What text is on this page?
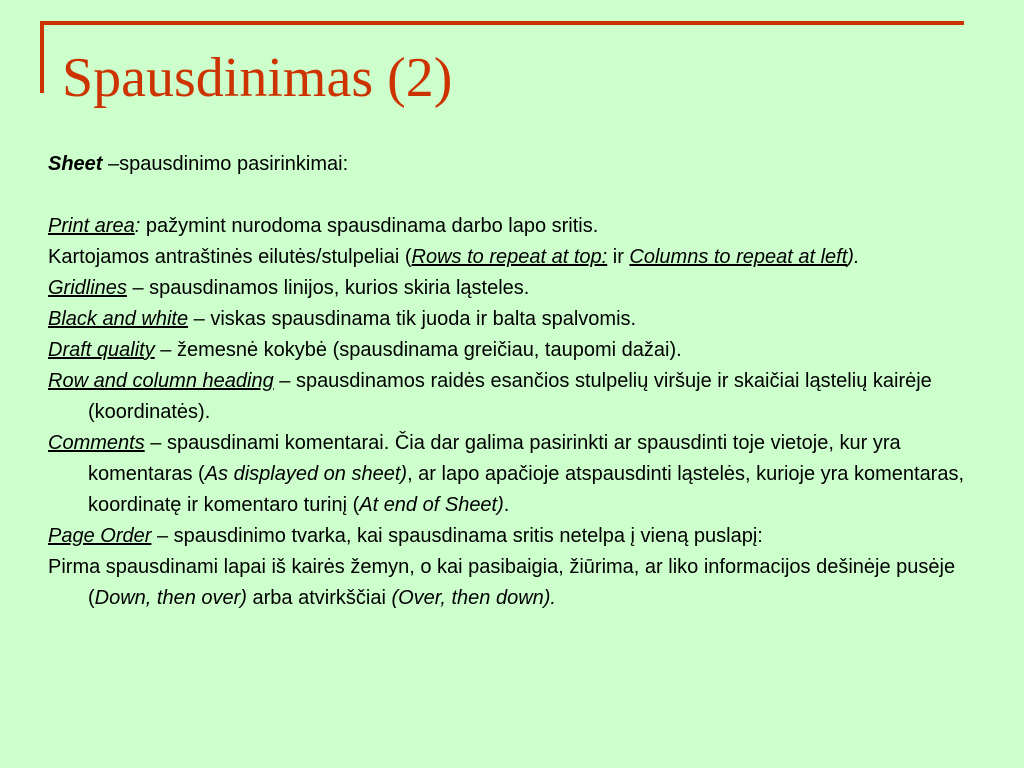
Spausdinimas (2)

Sheet –spausdinimo pasirinkimai:

Print area: pažymint nurodoma spausdinama darbo lapo sritis.

Kartojamos antraštinės eilutės/stulpeliai (Rows to repeat at top: ir Columns to repeat at left).

Gridlines – spausdinamos linijos, kurios skiria ląsteles.

Black and white – viskas spausdinama tik juoda ir balta spalvomis.

Draft quality – žemesnė kokybė (spausdinama greičiau, taupomi dažai).

Row and column heading – spausdinamos raidės esančios stulpelių viršuje ir skaičiai ląstelių kairėje (koordinatės).

Comments – spausdinami komentarai. Čia dar galima pasirinkti ar spausdinti toje vietoje, kur yra komentaras (As displayed on sheet), ar lapo apačioje atspausdinti ląstelės, kurioje yra komentaras, koordinatę ir komentaro turinį (At end of Sheet).

Page Order – spausdinimo tvarka, kai spausdinama sritis netelpa į vieną puslapį:

Pirma spausdinami lapai iš kairės žemyn, o kai pasibaigia, žiūrima, ar liko informacijos dešinėje pusėje (Down, then over) arba atvirkščiai (Over, then down).
